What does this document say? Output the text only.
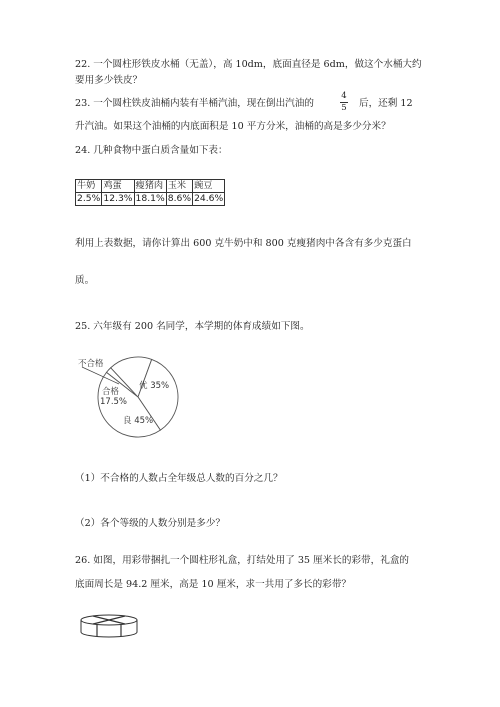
22. 一个圆柱形铁皮水桶（无盖），高 10dm，底面直径是 6dm，做这个水桶大约
要用多少铁皮？
23. 一个圆柱铁皮油桶内装有半桶汽油，现在倒出汽油的
4
5 后，还剩 12
升汽油。如果这个油桶的内底面积是 10 平方分米，油桶的高是多少分米？
24. 几种食物中蛋白质含量如下表：
牛奶	鸡蛋	瘦猪肉	玉米	豌豆
2.5%	12.3%	18.1%	8.6%	24.6%
利用上表数据，请你计算出 600 克牛奶中和 800 克瘦猪肉中各含有多少克蛋白
质。
25. 六年级有 200 名同学，本学期的体育成绩如下图。
不合格
合格
17.5%
优 35%
良 45%
（1）不合格的人数占全年级总人数的百分之几？
（2）各个等级的人数分别是多少？
26. 如图，用彩带捆扎一个圆柱形礼盒，打结处用了 35 厘米长的彩带，礼盒的
底面周长是 94.2 厘米，高是 10 厘米，求一共用了多长的彩带？
